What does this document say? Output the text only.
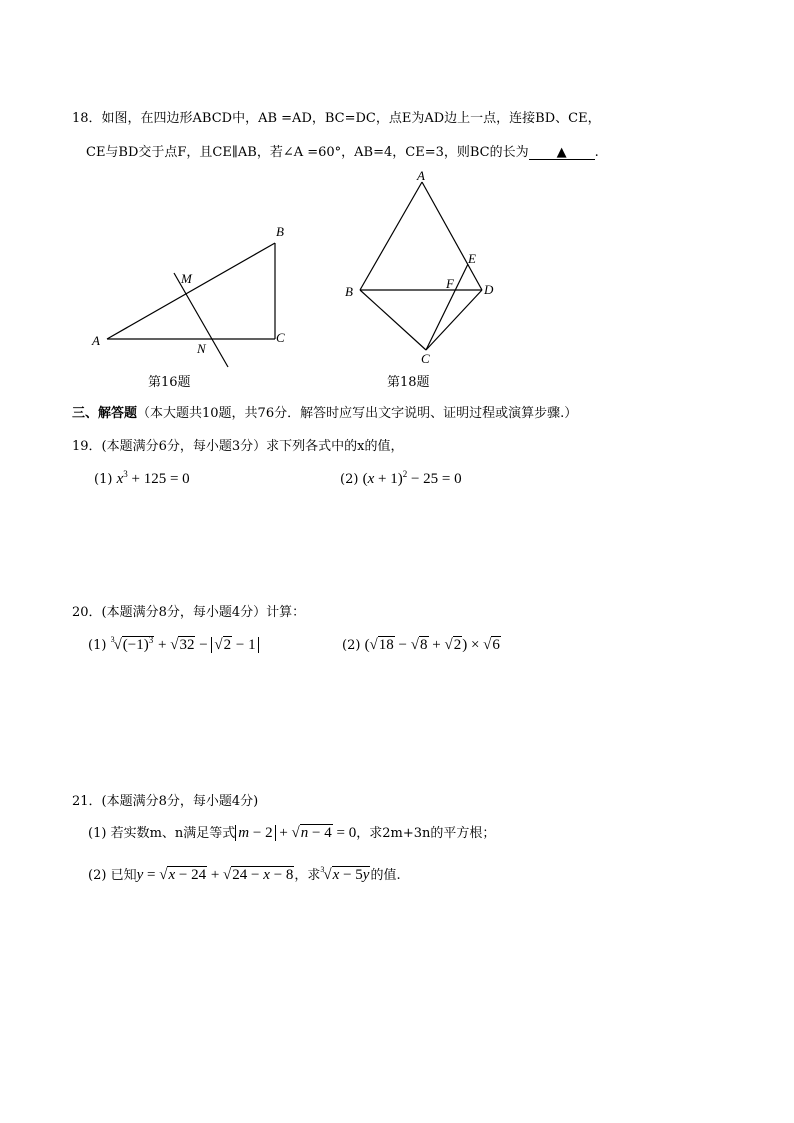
18．如图，在四边形ABCD中，AB =AD，BC=DC，点E为AD边上一点，连接BD、CE，
CE与BD交于点F，且CE∥AB，若∠A =60°，AB=4，CE=3，则BC的长为 ▲ .
A
B
C
M
N
第16题
A
B
C
D
E
F
第18题
三、解答题（本大题共10题，共76分．解答时应写出文字说明、证明过程或演算步骤.）
19．(本题满分6分，每小题3分）求下列各式中的x的值，
(1) $x^3 + 125 = 0$	(2) $(x + 1)^2 - 25 = 0$
20．(本题满分8分，每小题4分）计算：
(1) $^3√(-1)^3 + √32 - √2 - 1$	(2) (√18 − √8 + √2) × √6
21．(本题满分8分，每小题4分)
(1) 若实数m、n满足等式 m − 2 + √n − 4 = 0，求2m+3n的平方根；
(2) 已知y = √x − 24 + √24 − x − 8，求$^3$√x − 5y的值.
